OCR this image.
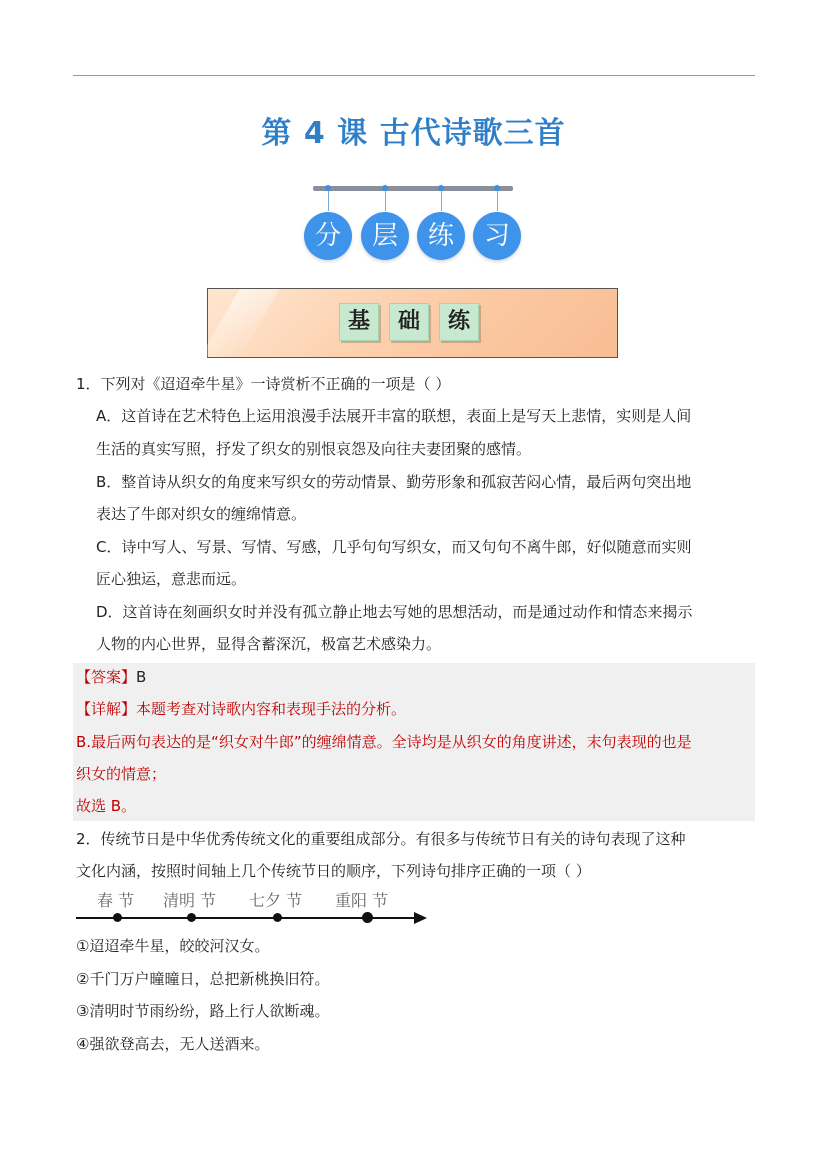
第 4 课 古代诗歌三首
分	层	练	习
基	础	练
1．下列对《迢迢牵牛星》一诗赏析不正确的一项是（ ）
A．这首诗在艺术特色上运用浪漫手法展开丰富的联想，表面上是写天上悲情，实则是人间
生活的真实写照，抒发了织女的别恨哀怨及向往夫妻团聚的感情。
B．整首诗从织女的角度来写织女的劳动情景、勤劳形象和孤寂苦闷心情，最后两句突出地
表达了牛郎对织女的缠绵情意。
C．诗中写人、写景、写情、写感，几乎句句写织女，而又句句不离牛郎，好似随意而实则
匠心独运，意悲而远。
D．这首诗在刻画织女时并没有孤立静止地去写她的思想活动，而是通过动作和情态来揭示
人物的内心世界，显得含蓄深沉，极富艺术感染力。
【答案】B
【详解】本题考查对诗歌内容和表现手法的分析。
B.最后两句表达的是“织女对牛郎”的缠绵情意。全诗均是从织女的角度讲述，末句表现的也是
织女的情意；
故选 B。
2．传统节日是中华优秀传统文化的重要组成部分。有很多与传统节日有关的诗句表现了这种
文化内涵，按照时间轴上几个传统节日的顺序，下列诗句排序正确的一项（ ）
春 节 清明 节 七夕 节 重阳 节
①迢迢牵牛星，皎皎河汉女。
②千门万户曈曈日，总把新桃换旧符。
③清明时节雨纷纷，路上行人欲断魂。
④强欲登高去，无人送酒来。
